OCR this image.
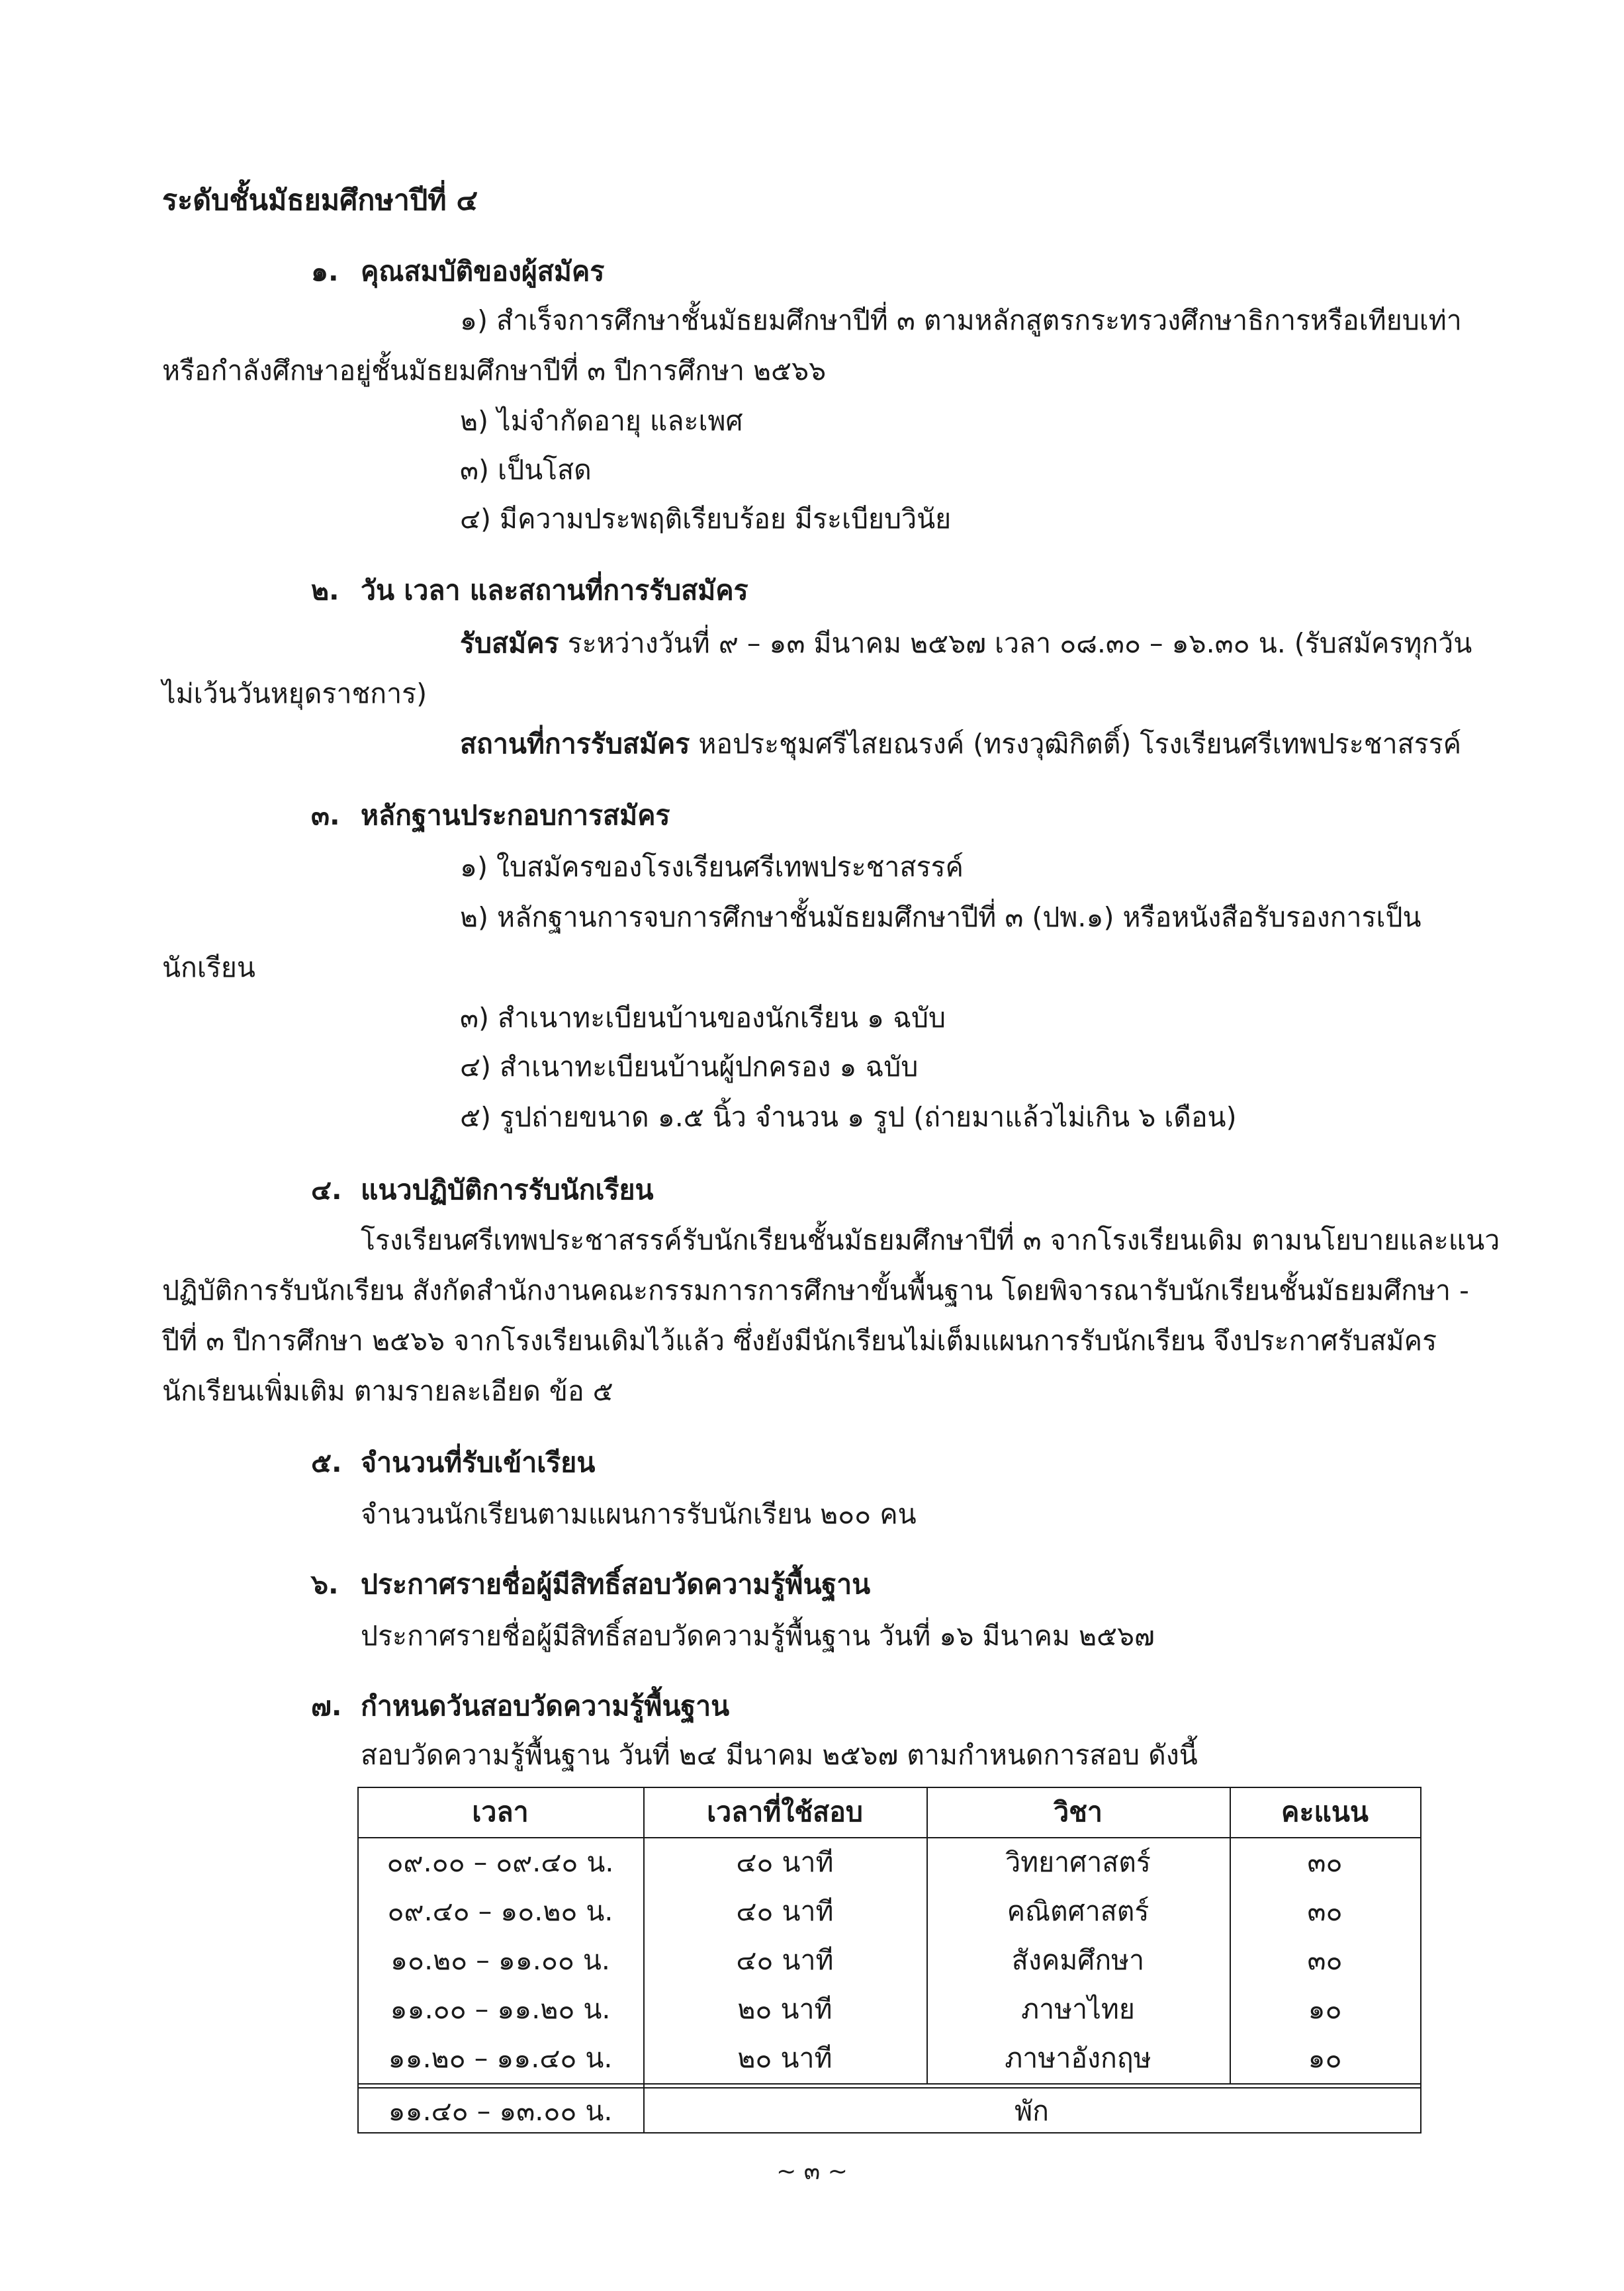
ระดับชั้นมัธยมศึกษาปีที่ ๔
๑. คุณสมบัติของผู้สมัคร
๑) สำเร็จการศึกษาชั้นมัธยมศึกษาปีที่ ๓ ตามหลักสูตรกระทรวงศึกษาธิการหรือเทียบเท่า
หรือกำลังศึกษาอยู่ชั้นมัธยมศึกษาปีที่ ๓ ปีการศึกษา ๒๕๖๖
๒) ไม่จำกัดอายุ และเพศ
๓) เป็นโสด
๔) มีความประพฤติเรียบร้อย มีระเบียบวินัย
๒. วัน เวลา และสถานที่การรับสมัคร
รับสมัคร ระหว่างวันที่ ๙ – ๑๓ มีนาคม ๒๕๖๗ เวลา ๐๘.๓๐ – ๑๖.๓๐ น. (รับสมัครทุกวัน
ไม่เว้นวันหยุดราชการ)
สถานที่การรับสมัคร หอประชุมศรีไสยณรงค์ (ทรงวุฒิกิตติ์) โรงเรียนศรีเทพประชาสรรค์
๓. หลักฐานประกอบการสมัคร
๑) ใบสมัครของโรงเรียนศรีเทพประชาสรรค์
๒) หลักฐานการจบการศึกษาชั้นมัธยมศึกษาปีที่ ๓ (ปพ.๑) หรือหนังสือรับรองการเป็น
นักเรียน
๓) สำเนาทะเบียนบ้านของนักเรียน ๑ ฉบับ
๔) สำเนาทะเบียนบ้านผู้ปกครอง ๑ ฉบับ
๕) รูปถ่ายขนาด ๑.๕ นิ้ว จำนวน ๑ รูป (ถ่ายมาแล้วไม่เกิน ๖ เดือน)
๔. แนวปฏิบัติการรับนักเรียน
โรงเรียนศรีเทพประชาสรรค์รับนักเรียนชั้นมัธยมศึกษาปีที่ ๓ จากโรงเรียนเดิม ตามนโยบายและแนว
ปฏิบัติการรับนักเรียน สังกัดสำนักงานคณะกรรมการการศึกษาขั้นพื้นฐาน โดยพิจารณารับนักเรียนชั้นมัธยมศึกษา -
ปีที่ ๓ ปีการศึกษา ๒๕๖๖ จากโรงเรียนเดิมไว้แล้ว ซึ่งยังมีนักเรียนไม่เต็มแผนการรับนักเรียน จึงประกาศรับสมัคร
นักเรียนเพิ่มเติม ตามรายละเอียด ข้อ ๕
๕. จำนวนที่รับเข้าเรียน
จำนวนนักเรียนตามแผนการรับนักเรียน ๒๐๐ คน
๖. ประกาศรายชื่อผู้มีสิทธิ์สอบวัดความรู้พื้นฐาน
ประกาศรายชื่อผู้มีสิทธิ์สอบวัดความรู้พื้นฐาน วันที่ ๑๖ มีนาคม ๒๕๖๗
๗. กำหนดวันสอบวัดความรู้พื้นฐาน
สอบวัดความรู้พื้นฐาน วันที่ ๒๔ มีนาคม ๒๕๖๗ ตามกำหนดการสอบ ดังนี้
เวลา	เวลาที่ใช้สอบ	วิชา	คะแนน
๐๙.๐๐ – ๐๙.๔๐ น.	๔๐ นาที	วิทยาศาสตร์	๓๐
๐๙.๔๐ – ๑๐.๒๐ น.	๔๐ นาที	คณิตศาสตร์	๓๐
๑๐.๒๐ – ๑๑.๐๐ น.	๔๐ นาที	สังคมศึกษา	๓๐
๑๑.๐๐ – ๑๑.๒๐ น.	๒๐ นาที	ภาษาไทย	๑๐
๑๑.๒๐ – ๑๑.๔๐ น.	๒๐ นาที	ภาษาอังกฤษ	๑๐
๑๑.๔๐ – ๑๓.๐๐ น.	พัก
~ ๓ ~
